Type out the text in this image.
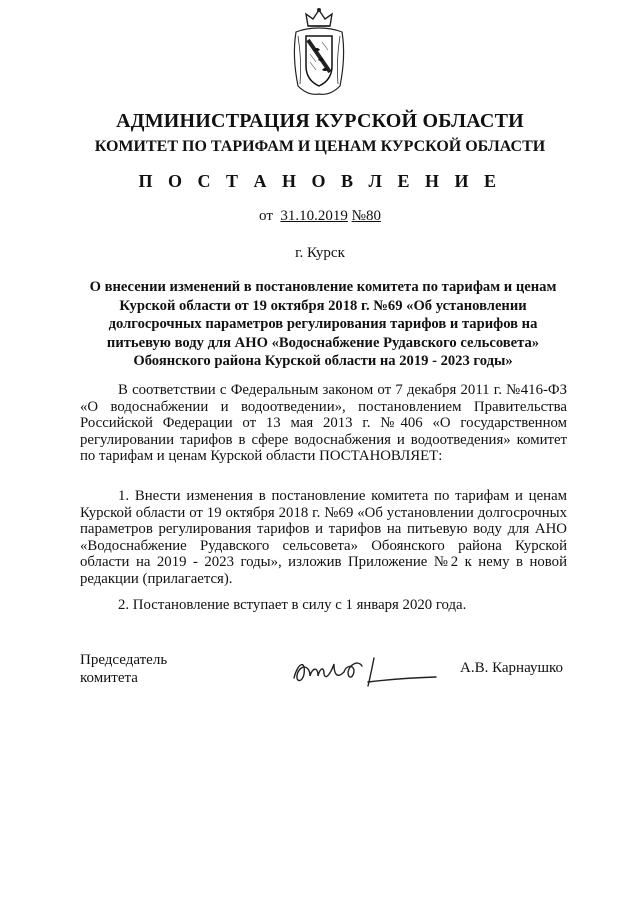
АДМИНИСТРАЦИЯ КУРСКОЙ ОБЛАСТИ
КОМИТЕТ ПО ТАРИФАМ И ЦЕНАМ КУРСКОЙ ОБЛАСТИ
П О С Т А Н О В Л Е Н И Е
от 31.10.2019 №80
г. Курск
О внесении изменений в постановление комитета по тарифам и ценам Курской области от 19 октября 2018 г. №69 «Об установлении долгосрочных параметров регулирования тарифов и тарифов на питьевую воду для АНО «Водоснабжение Рудавского сельсовета» Обоянского района Курской области на 2019 - 2023 годы»
В соответствии с Федеральным законом от 7 декабря 2011 г. №416-ФЗ «О водоснабжении и водоотведении», постановлением Правительства Российской Федерации от 13 мая 2013 г. №406 «О государственном регулировании тарифов в сфере водоснабжения и водоотведения» комитет по тарифам и ценам Курской области ПОСТАНОВЛЯЕТ:
1. Внести изменения в постановление комитета по тарифам и ценам Курской области от 19 октября 2018 г. №69 «Об установлении долгосрочных параметров регулирования тарифов и тарифов на питьевую воду для АНО «Водоснабжение Рудавского сельсовета» Обоянского района Курской области на 2019 - 2023 годы», изложив Приложение №2 к нему в новой редакции (прилагается).
2. Постановление вступает в силу с 1 января 2020 года.
Председатель
комитета
А.В. Карнаушко
